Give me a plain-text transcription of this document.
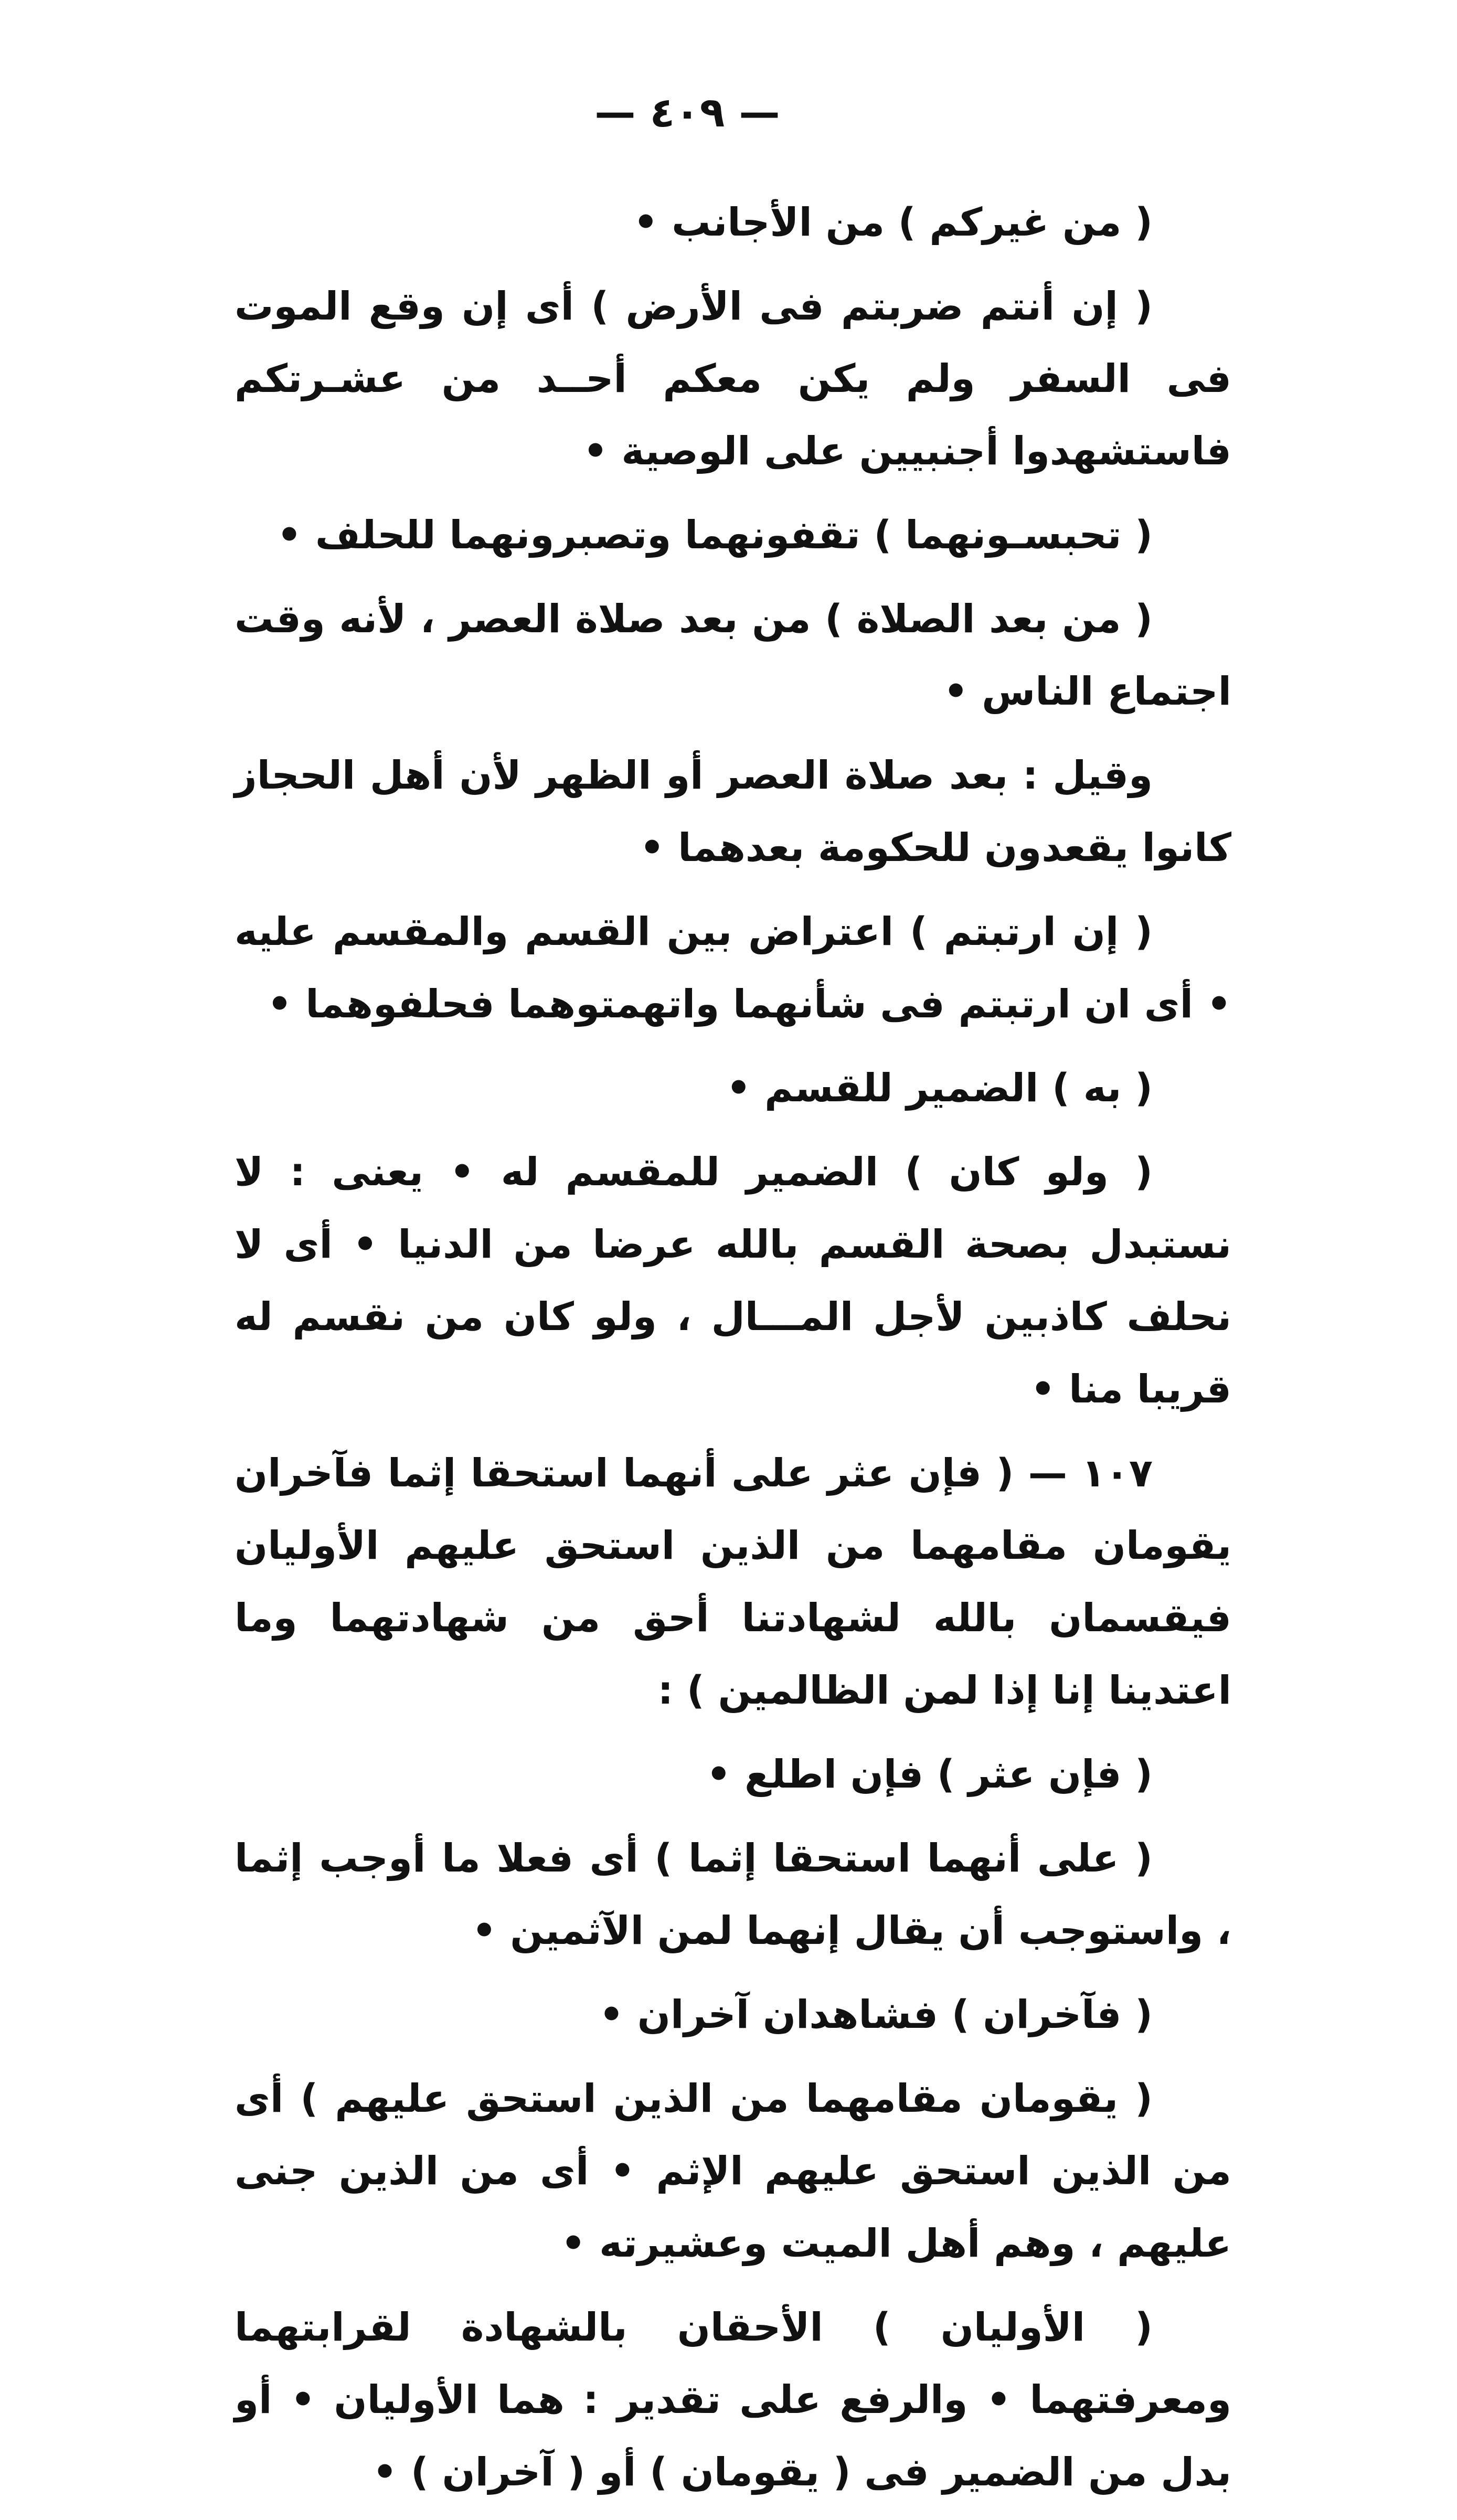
— ٤٠٩ —

( من غيركم ) من الأجانب •

( إن أنتم ضربتم فى الأرض ) أى إن وقع الموت فى السفر ولم يكن معكم أحــد من عشـرتكم فاستشهدوا أجنبيين على الوصية •

( تحبسـونهما ) تقفونهما وتصبرونهما للحلف •

( من بعد الصلاة ) من بعد صلاة العصر ، لأنه وقت اجتماع الناس •

وقيل : بعد صلاة العصر أو الظهر لأن أهل الحجاز كانوا يقعدون للحكومة بعدهما •

( إن ارتبتم ) اعتراض بين القسم والمقسم عليه • أى ان ارتبتم فى شأنهما واتهمتوهما فحلفوهما •

( به ) الضمير للقسم •

( ولو كان ) الضمير للمقسم له • يعنى : لا نستبدل بصحة القسم بالله عرضا من الدنيا • أى لا نحلف كاذبين لأجل المـــال ، ولو كان من نقسم له قريبا منا •

١٠٧ — ( فإن عثر على أنهما استحقا إثما فآخران يقومان مقامهما من الذين استحق عليهم الأوليان فيقسمان بالله لشهادتنا أحق من شهادتهما وما اعتدينا إنا إذا لمن الظالمين ) :

( فإن عثر ) فإن اطلع •

( على أنهما استحقا إثما ) أى فعلا ما أوجب إثما ، واستوجب أن يقال إنهما لمن الآثمين •

( فآخران ) فشاهدان آخران •

( يقومان مقامهما من الذين استحق عليهم ) أى من الذين استحق عليهم الإثم • أى من الذين جنى عليهم ، وهم أهل الميت وعشيرته •

( الأوليان ) الأحقان بالشهادة لقرابتهما ومعرفتهما • والرفع على تقدير : هما الأوليان • أو بدل من الضمير فى ( يقومان ) أو ( آخران ) •
